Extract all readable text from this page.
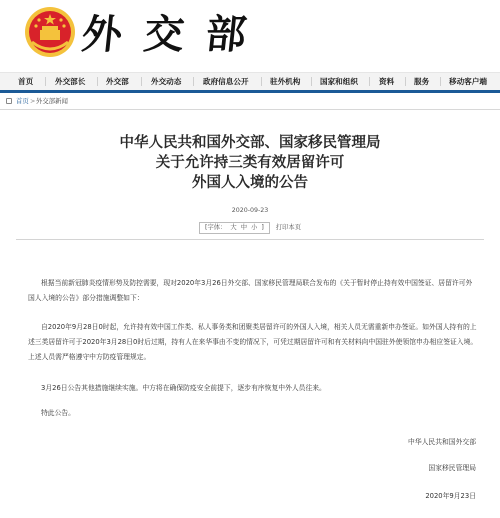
外交部
首页	外交部长	外交部	外交动态	政府信息公开	驻外机构	国家和组织	资料	服务	移动客户端
首页 > 外交部新闻
中华人民共和国外交部、国家移民管理局
关于允许持三类有效居留许可
外国人入境的公告
2020-09-23
[字体： 大 中 小 ] 打印本页

根据当前新冠肺炎疫情形势及防控需要，现对2020年3月26日外交部、国家移民管理局联合发布的《关于暂时停止持有效中国签证、居留许可外国人入境的公告》部分措施调整如下：

自2020年9月28日0时起，允许持有效中国工作类、私人事务类和团聚类居留许可的外国人入境，相关人员无需重新申办签证。如外国人持有的上述三类居留许可于2020年3月28日0时后过期，持有人在来华事由不变的情况下，可凭过期居留许可和有关材料向中国驻外使领馆申办相应签证入境。上述人员需严格遵守中方防疫管理规定。

3月26日公告其他措施继续实施。中方将在确保防疫安全前提下，逐步有序恢复中外人员往来。

特此公告。

中华人民共和国外交部
国家移民管理局
2020年9月23日
